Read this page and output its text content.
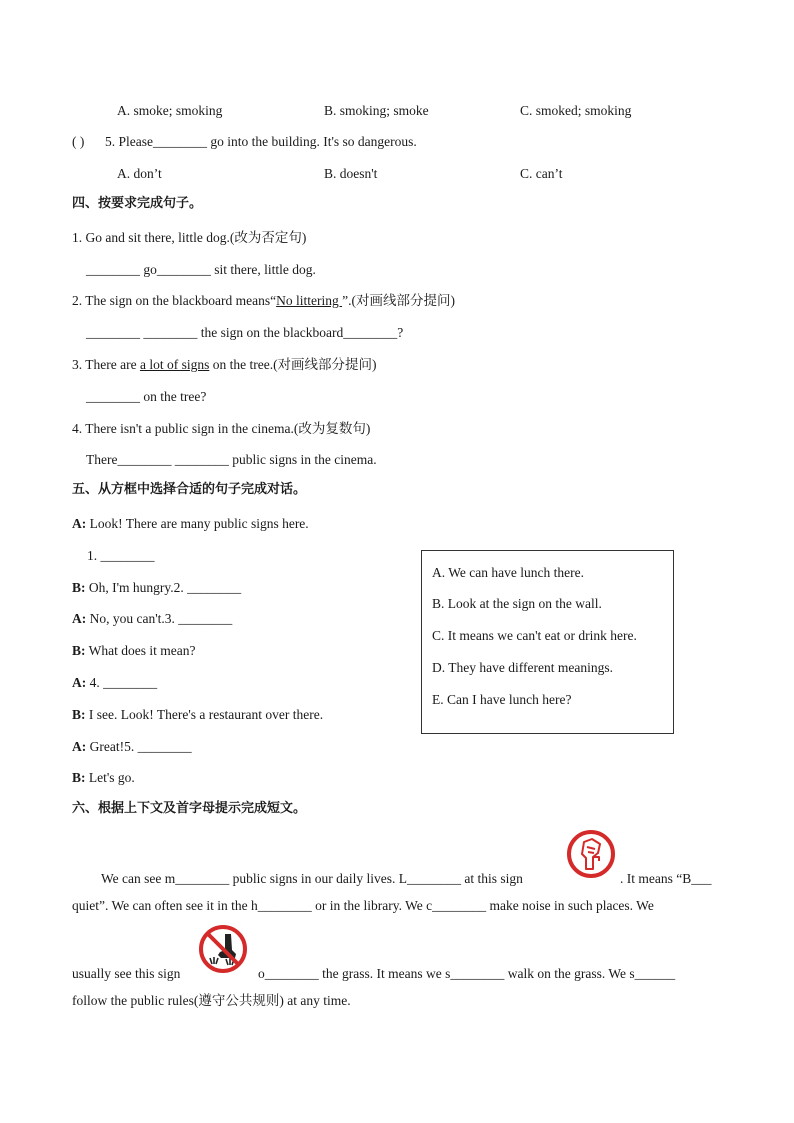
A. smoke; smoking	B. smoking; smoke	C. smoked; smoking
( ) 5. Please________ go into the building. It's so dangerous.
A. don’t	B. doesn't	C. can’t
四、按要求完成句子。
1. Go and sit there, little dog.(改为否定句)
________ go________ sit there, little dog.
2. The sign on the blackboard means“No littering ”.(对画线部分提问)
________ ________ the sign on the blackboard________?
3. There are a lot of signs on the tree.(对画线部分提问)
________ on the tree?
4. There isn't a public sign in the cinema.(改为复数句)
There________ ________ public signs in the cinema.
五、从方框中选择合适的句子完成对话。
A: Look! There are many public signs here.
1. ________
B: Oh, I'm hungry.2. ________
A: No, you can't.3. ________
B: What does it mean?
A: 4. ________
B: I see. Look! There's a restaurant over there.
A: Great!5. ________
B: Let's go.
A. We can have lunch there.
B. Look at the sign on the wall.
C. It means we can't eat or drink here.
D. They have different meanings.
E. Can I have lunch here?
六、根据上下文及首字母提示完成短文。
We can see m________ public signs in our daily lives. L________ at this sign	. It means “B___
quiet”. We can often see it in the h________ or in the library. We c________ make noise in such places. We
usually see this sign	o________ the grass. It means we s________ walk on the grass. We s______
follow the public rules(遵守公共规则) at any time.
